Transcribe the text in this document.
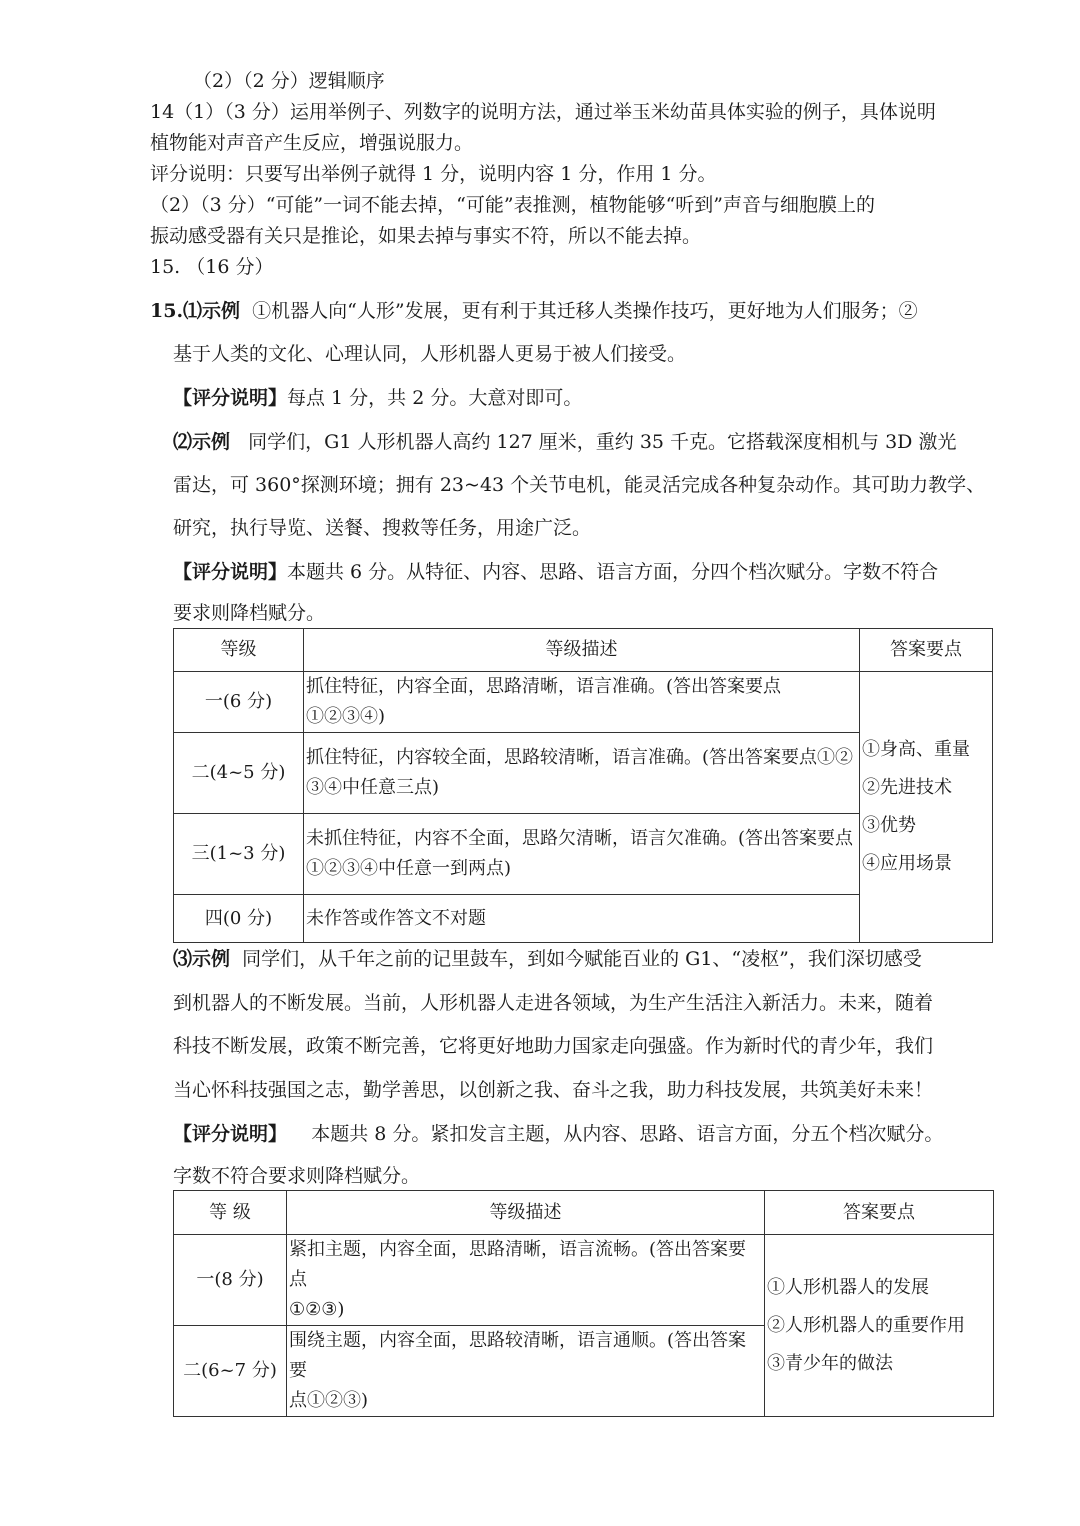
（2）（2 分）逻辑顺序
14（1）（3 分）运用举例子、列数字的说明方法，通过举玉米幼苗具体实验的例子，具体说明
植物能对声音产生反应，增强说服力。
评分说明：只要写出举例子就得 1 分，说明内容 1 分，作用 1 分。
（2）（3 分）“可能”一词不能去掉，“可能”表推测，植物能够“听到”声音与细胞膜上的
振动感受器有关只是推论，如果去掉与事实不符，所以不能去掉。
15. （16 分）
15.⑴示例 ①机器人向“人形”发展，更有利于其迁移人类操作技巧，更好地为人们服务；②
基于人类的文化、心理认同，人形机器人更易于被人们接受。
【评分说明】每点 1 分，共 2 分。大意对即可。
⑵示例 同学们，G1 人形机器人高约 127 厘米，重约 35 千克。它搭载深度相机与 3D 激光
雷达，可 360°探测环境；拥有 23~43 个关节电机，能灵活完成各种复杂动作。其可助力教学、
研究，执行导览、送餐、搜救等任务，用途广泛。
【评分说明】本题共 6 分。从特征、内容、思路、语言方面，分四个档次赋分。字数不符合
要求则降档赋分。
等级	等级描述	答案要点
一(6 分)	抓住特征，内容全面，思路清晰，语言准确。(答出答案要点①②③④)	①身高、重量
②先进技术
③优势
④应用场景

二(4~5 分)	抓住特征，内容较全面，思路较清晰，语言准确。(答出答案要点①②
③④中任意三点)	
三(1~3 分)	未抓住特征，内容不全面，思路欠清晰，语言欠准确。(答出答案要点
①②③④中任意一到两点)	
四(0 分)	未作答或作答文不对题	
⑶示例 同学们，从千年之前的记里鼓车，到如今赋能百业的 G1、“凌枢”，我们深切感受
到机器人的不断发展。当前，人形机器人走进各领域，为生产生活注入新活力。未来，随着
科技不断发展，政策不断完善，它将更好地助力国家走向强盛。作为新时代的青少年，我们
当心怀科技强国之志，勤学善思，以创新之我、奋斗之我，助力科技发展，共筑美好未来！
【评分说明】 本题共 8 分。紧扣发言主题，从内容、思路、语言方面，分五个档次赋分。
字数不符合要求则降档赋分。
等 级	等级描述	答案要点
一(8 分)	紧扣主题，内容全面，思路清晰，语言流畅。(答出答案要点
①②③)	①人形机器人的发展
②人形机器人的重要作用
③青少年的做法

二(6~7 分)	围绕主题，内容全面，思路较清晰，语言通顺。(答出答案要
点①②③)	
